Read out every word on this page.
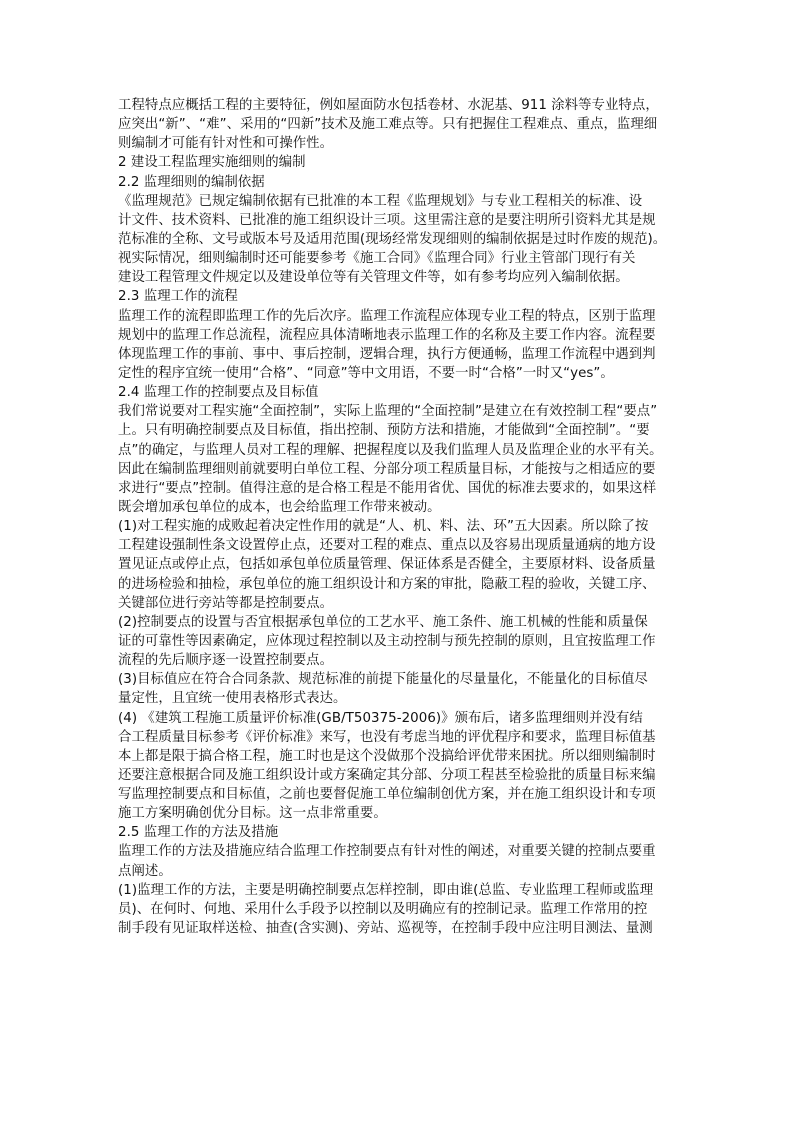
工程特点应概括工程的主要特征，例如屋面防水包括卷材、水泥基、911 涂料等专业特点，
应突出“新”、“难”、采用的“四新”技术及施工难点等。只有把握住工程难点、重点，监理细
则编制才可能有针对性和可操作性。
2 建设工程监理实施细则的编制
2.2 监理细则的编制依据
《监理规范》已规定编制依据有已批准的本工程《监理规划》与专业工程相关的标准、设
计文件、技术资料、已批准的施工组织设计三项。这里需注意的是要注明所引资料尤其是规
范标准的全称、文号或版本号及适用范围(现场经常发现细则的编制依据是过时作废的规范)。
视实际情况，细则编制时还可能要参考《施工合同》《监理合同》行业主管部门现行有关
建设工程管理文件规定以及建设单位等有关管理文件等，如有参考均应列入编制依据。
2.3 监理工作的流程
监理工作的流程即监理工作的先后次序。监理工作流程应体现专业工程的特点，区别于监理
规划中的监理工作总流程，流程应具体清晰地表示监理工作的名称及主要工作内容。流程要
体现监理工作的事前、事中、事后控制，逻辑合理，执行方便通畅，监理工作流程中遇到判
定性的程序宜统一使用“合格”、“同意”等中文用语，不要一时“合格”一时又“yes”。
2.4 监理工作的控制要点及目标值
我们常说要对工程实施“全面控制”，实际上监理的“全面控制”是建立在有效控制工程“要点”
上。只有明确控制要点及目标值，指出控制、预防方法和措施，才能做到“全面控制”。“要
点”的确定，与监理人员对工程的理解、把握程度以及我们监理人员及监理企业的水平有关。
因此在编制监理细则前就要明白单位工程、分部分项工程质量目标，才能按与之相适应的要
求进行“要点”控制。值得注意的是合格工程是不能用省优、国优的标准去要求的，如果这样
既会增加承包单位的成本，也会给监理工作带来被动。
(1)对工程实施的成败起着决定性作用的就是“人、机、料、法、环”五大因素。所以除了按
工程建设强制性条文设置停止点，还要对工程的难点、重点以及容易出现质量通病的地方设
置见证点或停止点，包括如承包单位质量管理、保证体系是否健全，主要原材料、设备质量
的进场检验和抽检，承包单位的施工组织设计和方案的审批，隐蔽工程的验收，关键工序、
关键部位进行旁站等都是控制要点。
(2)控制要点的设置与否宜根据承包单位的工艺水平、施工条件、施工机械的性能和质量保
证的可靠性等因素确定，应体现过程控制以及主动控制与预先控制的原则，且宜按监理工作
流程的先后顺序逐一设置控制要点。
(3)目标值应在符合合同条款、规范标准的前提下能量化的尽量量化，不能量化的目标值尽
量定性，且宜统一使用表格形式表达。
(4) 《建筑工程施工质量评价标准(GB/T50375-2006)》颁布后，诸多监理细则并没有结
合工程质量目标参考《评价标准》来写，也没有考虑当地的评优程序和要求，监理目标值基
本上都是限于搞合格工程，施工时也是这个没做那个没搞给评优带来困扰。所以细则编制时
还要注意根据合同及施工组织设计或方案确定其分部、分项工程甚至检验批的质量目标来编
写监理控制要点和目标值，之前也要督促施工单位编制创优方案，并在施工组织设计和专项
施工方案明确创优分目标。这一点非常重要。
2.5 监理工作的方法及措施
监理工作的方法及措施应结合监理工作控制要点有针对性的阐述，对重要关键的控制点要重
点阐述。
(1)监理工作的方法，主要是明确控制要点怎样控制，即由谁(总监、专业监理工程师或监理
员)、在何时、何地、采用什么手段予以控制以及明确应有的控制记录。监理工作常用的控
制手段有见证取样送检、抽查(含实测)、旁站、巡视等，在控制手段中应注明目测法、量测
